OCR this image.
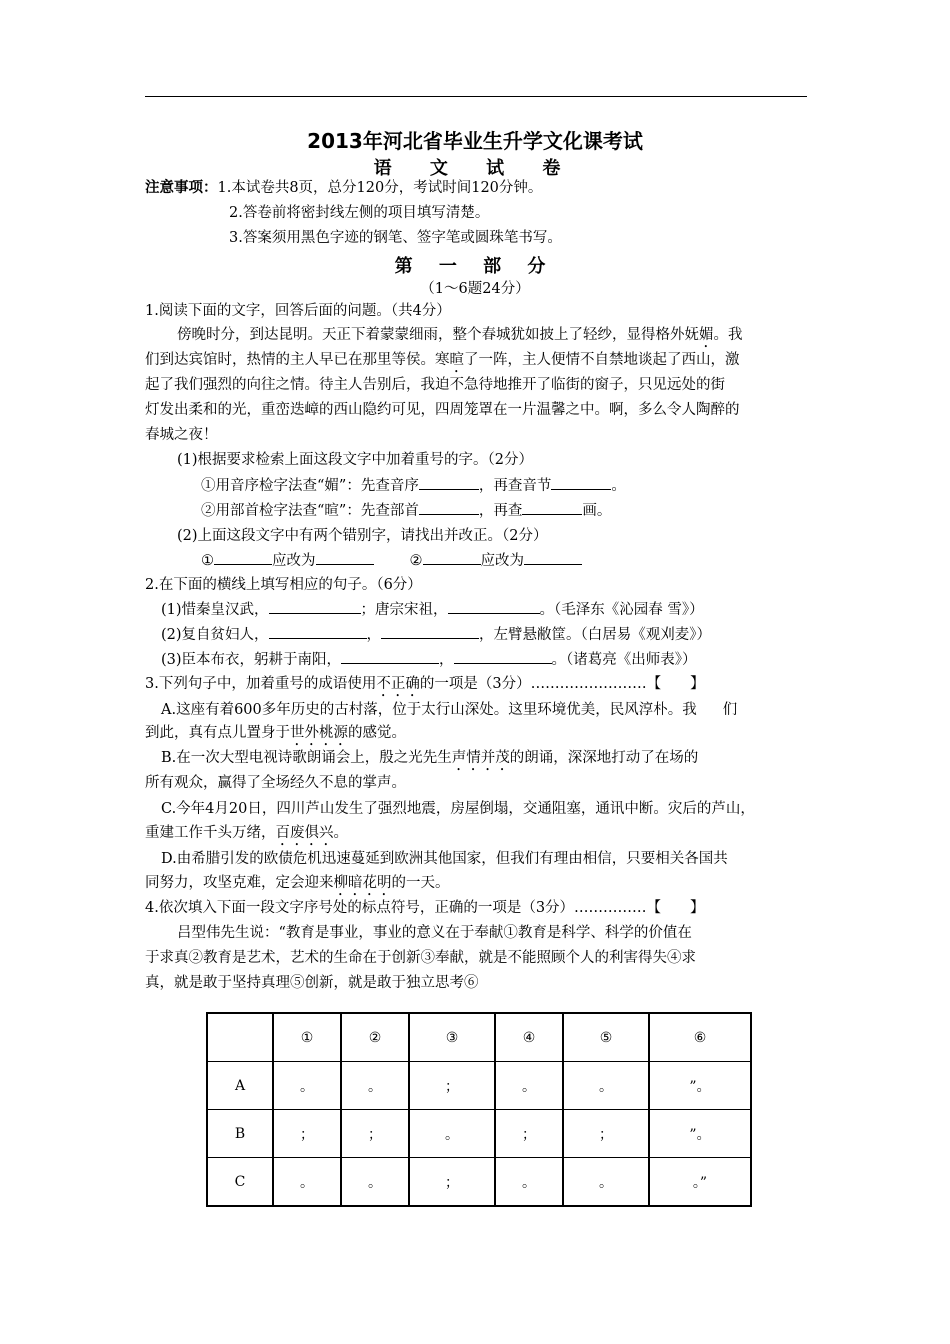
2013年河北省毕业生升学文化课考试
语 文 试 卷
注意事项：1.本试卷共8页，总分120分，考试时间120分钟。
2.答卷前将密封线左侧的项目填写清楚。
3.答案须用黑色字迹的钢笔、签字笔或圆珠笔书写。
第 一 部 分
（1～6题24分）
1.阅读下面的文字，回答后面的问题。（共4分）
傍晚时分，到达昆明。天正下着蒙蒙细雨，整个春城犹如披上了轻纱，显得格外妩媚。我
们到达宾馆时，热情的主人早已在那里等侯。寒暄了一阵，主人便情不自禁地谈起了西山，激
起了我们强烈的向往之情。待主人告别后，我迫不急待地推开了临街的窗子，只见远处的街
灯发出柔和的光，重峦迭嶂的西山隐约可见，四周笼罩在一片温馨之中。啊，多么令人陶醉的
春城之夜！
(1)根据要求检索上面这段文字中加着重号的字。（2分）
①用音序检字法查“媚”：先查音序	，再查音节	。
②用部首检字法查“暄”：先查部首	，再查	画。
(2)上面这段文字中有两个错别字，请找出并改正。（2分）
①	应改为	②	应改为
2.在下面的横线上填写相应的句子。（6分）
(1)惜秦皇汉武，	；唐宗宋祖，	。（毛泽东《沁园春 雪》）
(2)复自贫妇人，	，	，左臂悬敝筐。（白居易《观刈麦》）
(3)臣本布衣，躬耕于南阳，	，	。（诸葛亮《出师表》）
3.下列句子中，加着重号的成语使用不正确的一项是（3分）……………………【　　】
A.这座有着600多年历史的古村落，位于太行山深处。这里环境优美，民风淳朴。我 们
到此，真有点儿置身于世外桃源的感觉。
B.在一次大型电视诗歌朗诵会上，殷之光先生声情并茂的朗诵，深深地打动了在场的
所有观众，赢得了全场经久不息的掌声。
C.今年4月20日，四川芦山发生了强烈地震，房屋倒塌，交通阻塞，通讯中断。灾后的芦山，
重建工作千头万绪，百废俱兴。
D.由希腊引发的欧债危机迅速蔓延到欧洲其他国家，但我们有理由相信，只要相关各国共
同努力，攻坚克难，定会迎来柳暗花明的一天。
4.依次填入下面一段文字序号处的标点符号，正确的一项是（3分）……………【　　】
吕型伟先生说：“教育是事业，事业的意义在于奉献①教育是科学、科学的价值在
于求真②教育是艺术，艺术的生命在于创新③奉献，就是不能照顾个人的利害得失④求
真，就是敢于坚持真理⑤创新，就是敢于独立思考⑥
	①	②	③	④	⑤	⑥
A	。	。	；	。	。	”。
B	；	；	。	；	；	”。
C	。	。	；	。	。	。”
